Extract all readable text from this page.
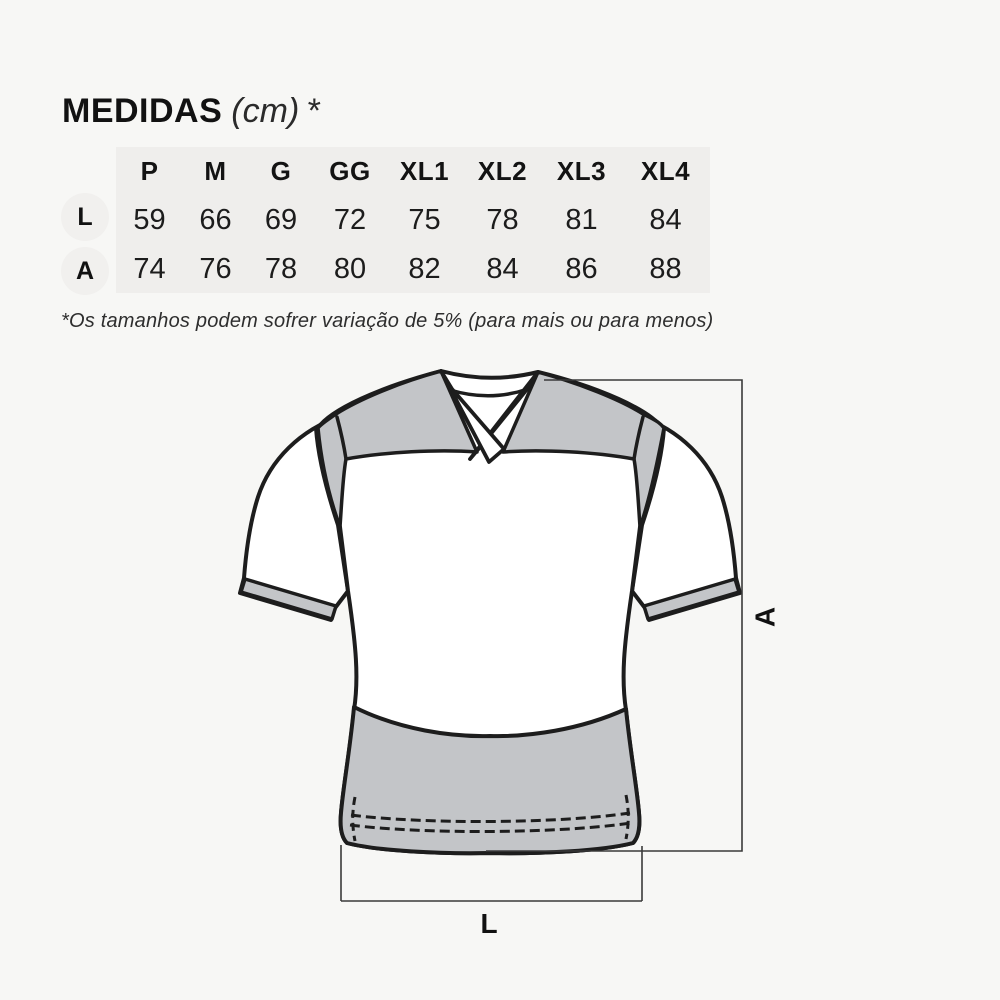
MEDIDAS (cm) *
P M G GG XL1 XL2 XL3 XL4
59 66 69 72 75 78 81 84
74 76 78 80 82 84 86 88
L
A
*Os tamanhos podem sofrer variação de 5% (para mais ou para menos)
A
L
